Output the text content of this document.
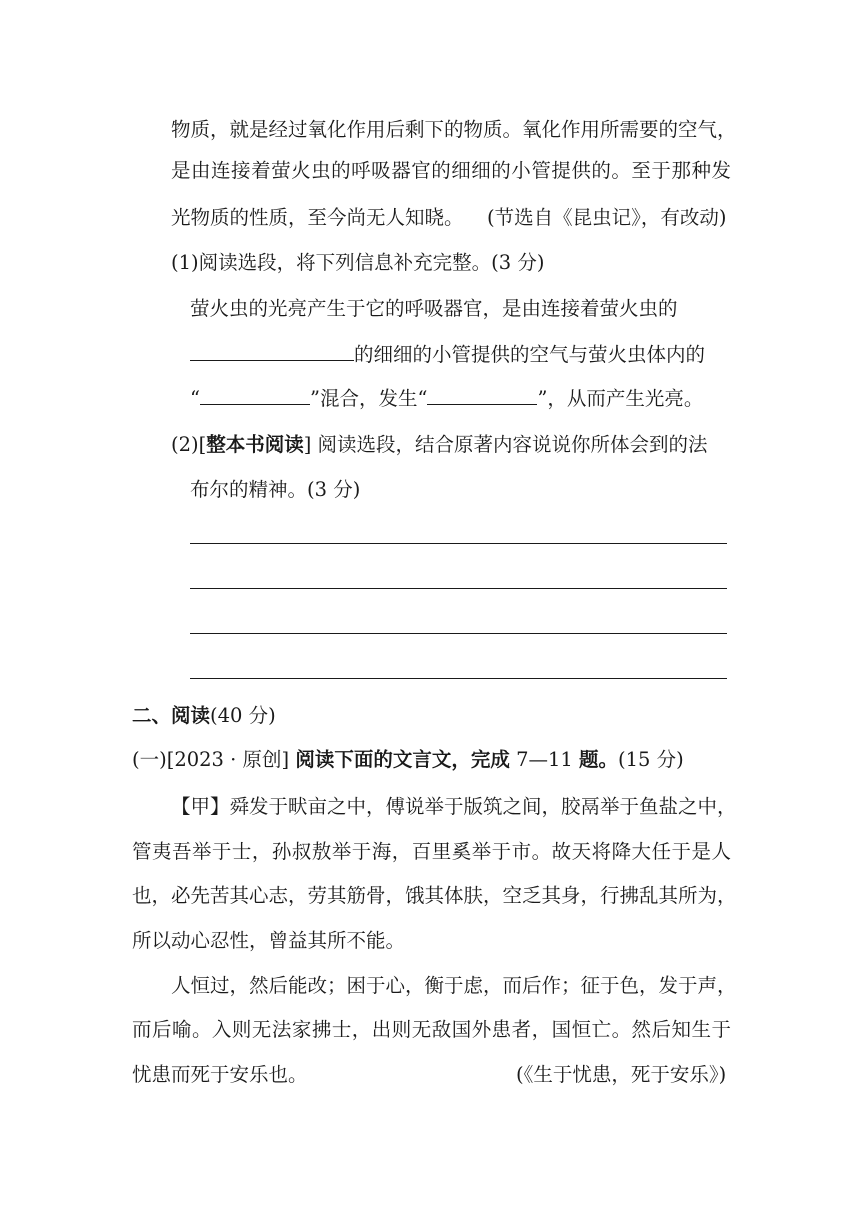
物质，就是经过氧化作用后剩下的物质。氧化作用所需要的空气，
是由连接着萤火虫的呼吸器官的细细的小管提供的。至于那种发
光物质的性质，至今尚无人知晓。 (节选自《昆虫记》，有改动)
(1)阅读选段，将下列信息补充完整。(3 分)
萤火虫的光亮产生于它的呼吸器官，是由连接着萤火虫的
的细细的小管提供的空气与萤火虫体内的
“	”混合，发生“	”，从而产生光亮。
(2)[整本书阅读] 阅读选段，结合原著内容说说你所体会到的法
布尔的精神。(3 分)
二、阅读(40 分)
(一)[2023 · 原创] 阅读下面的文言文，完成 7—11 题。(15 分)
【甲】舜发于畎亩之中，傅说举于版筑之间，胶鬲举于鱼盐之中，
管夷吾举于士，孙叔敖举于海，百里奚举于市。故天将降大任于是人
也，必先苦其心志，劳其筋骨，饿其体肤，空乏其身，行拂乱其所为，
所以动心忍性，曾益其所不能。
人恒过，然后能改；困于心，衡于虑，而后作；征于色，发于声，
而后喻。入则无法家拂士，出则无敌国外患者，国恒亡。然后知生于
忧患而死于安乐也。	(《生于忧患，死于安乐》)
